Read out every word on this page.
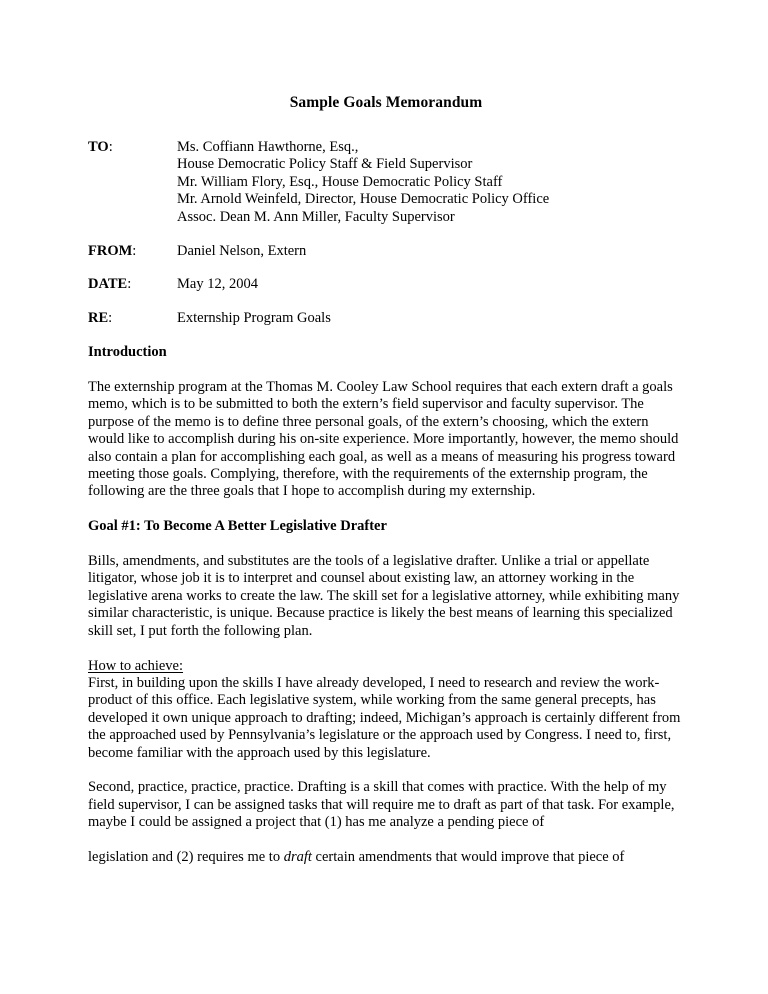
Sample Goals Memorandum
TO:	Ms. Coffiann Hawthorne, Esq.,
House Democratic Policy Staff & Field Supervisor
Mr. William Flory, Esq., House Democratic Policy Staff
Mr. Arnold Weinfeld, Director, House Democratic Policy Office
Assoc. Dean M. Ann Miller, Faculty Supervisor
FROM:	Daniel Nelson, Extern
DATE:	May 12, 2004
RE:	Externship Program Goals
Introduction

The externship program at the Thomas M. Cooley Law School requires that each extern draft a goals memo, which is to be submitted to both the extern’s field supervisor and faculty supervisor. The purpose of the memo is to define three personal goals, of the extern’s choosing, which the extern would like to accomplish during his on-site experience. More importantly, however, the memo should also contain a plan for accomplishing each goal, as well as a means of measuring his progress toward meeting those goals. Complying, therefore, with the requirements of the externship program, the following are the three goals that I hope to accomplish during my externship.

Goal #1: To Become A Better Legislative Drafter

Bills, amendments, and substitutes are the tools of a legislative drafter. Unlike a trial or appellate litigator, whose job it is to interpret and counsel about existing law, an attorney working in the legislative arena works to create the law. The skill set for a legislative attorney, while exhibiting many similar characteristic, is unique. Because practice is likely the best means of learning this specialized skill set, I put forth the following plan.

How to achieve:

First, in building upon the skills I have already developed, I need to research and review the work-product of this office. Each legislative system, while working from the same general precepts, has developed it own unique approach to drafting; indeed, Michigan’s approach is certainly different from the approached used by Pennsylvania’s legislature or the approach used by Congress. I need to, first, become familiar with the approach used by this legislature.

Second, practice, practice, practice. Drafting is a skill that comes with practice. With the help of my field supervisor, I can be assigned tasks that will require me to draft as part of that task. For example, maybe I could be assigned a project that (1) has me analyze a pending piece of

legislation and (2) requires me to draft certain amendments that would improve that piece of
